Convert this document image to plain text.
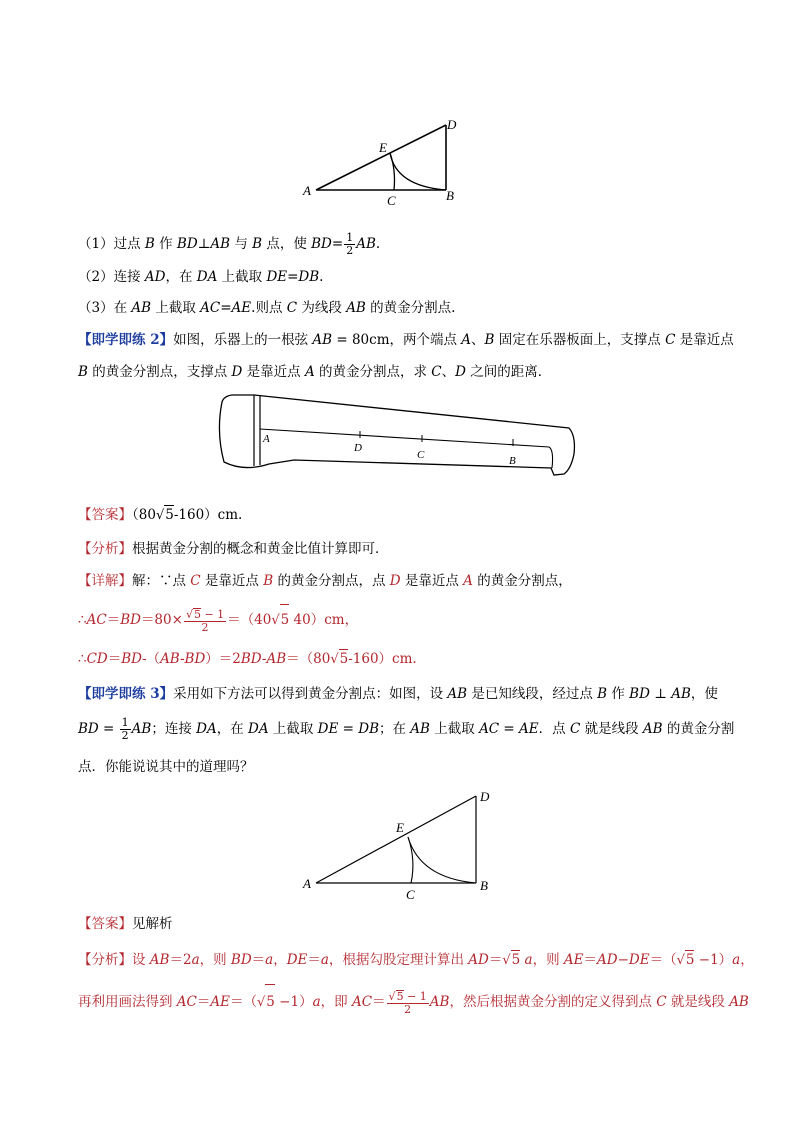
A	B
C
D
E
（1）过点 B 作 BD⊥AB 与 B 点，使 $BD= \frac{1}{2}$ AB.
（2）连接 AD，在 DA 上截取 DE=DB.
（3）在 AB 上截取 AC=AE.则点 C 为线段 AB 的黄金分割点.
【即学即练 2】如图，乐器上的一根弦 AB = 80cm，两个端点 A、B 固定在乐器板面上，支撑点 C 是靠近点
B 的黄金分割点，支撑点 D 是靠近点 A 的黄金分割点，求 C、D 之间的距离．
A
D
C	B
【答案】（80√5-160）cm.
【分析】根据黄金分割的概念和黄金比值计算即可．
【详解】解：∵点 C 是靠近点 B 的黄金分割点，点 D 是靠近点 A 的黄金分割点，
∴AC＝BD＝80× $\frac{√5 - 1}{2} =(40√5$ 40）cm，
∴CD＝BD-（AB-BD）＝2BD-AB＝（80√5-160）cm.
【即学即练 3】采用如下方法可以得到黄金分割点：如图，设 AB 是已知线段，经过点 B 作 BD ⊥ AB，使
BD = $\frac{1}{2}$ AB；连接 DA，在 DA 上截取 DE = DB；在 AB 上截取 AC = AE．点 C 就是线段 AB 的黄金分割
点．你能说说其中的道理吗？
A	B
C
D
E
【答案】见解析
【分析】设 AB＝2a，则 BD＝a，DE＝a，根据勾股定理计算出 AD＝√5 a，则 AE＝AD−DE＝（√5 −1）a，
再利用画法得到 AC＝AE＝（√5 −1）a，即 $AC= \frac{√5 - 1}{2}$ AB，然后根据黄金分割的定义得到点 C 就是线段 AB
